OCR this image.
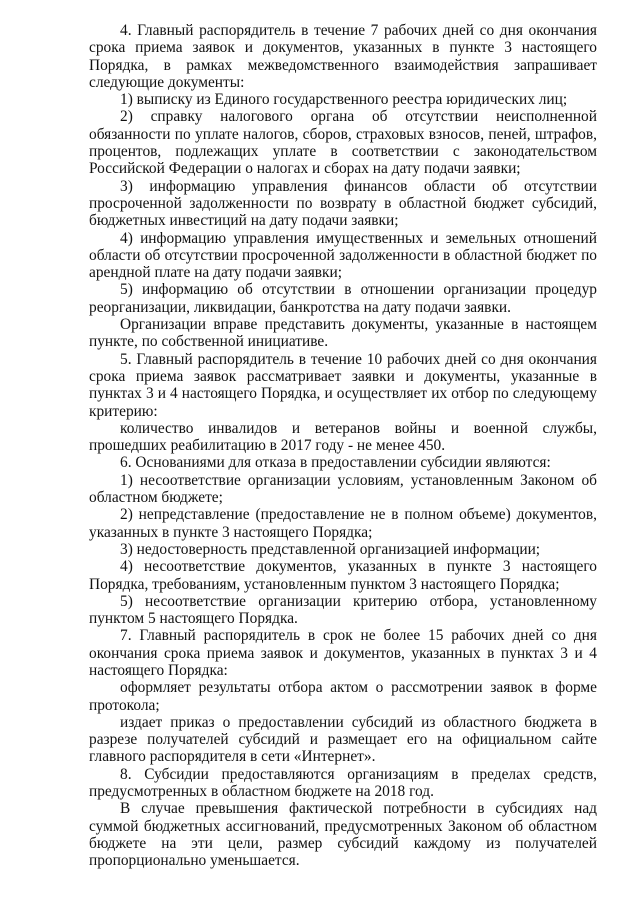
4. Главный распорядитель в течение 7 рабочих дней со дня окончания срока приема заявок и документов, указанных в пункте 3 настоящего Порядка, в рамках межведомственного взаимодействия запрашивает следующие документы:

1) выписку из Единого государственного реестра юридических лиц;

2) справку налогового органа об отсутствии неисполненной обязанности по уплате налогов, сборов, страховых взносов, пеней, штрафов, процентов, подлежащих уплате в соответствии с законодательством Российской Федерации о налогах и сборах на дату подачи заявки;

3) информацию управления финансов области об отсутствии просроченной задолженности по возврату в областной бюджет субсидий, бюджетных инвестиций на дату подачи заявки;

4) информацию управления имущественных и земельных отношений области об отсутствии просроченной задолженности в областной бюджет по арендной плате на дату подачи заявки;

5) информацию об отсутствии в отношении организации процедур реорганизации, ликвидации, банкротства на дату подачи заявки.

Организации вправе представить документы, указанные в настоящем пункте, по собственной инициативе.

5. Главный распорядитель в течение 10 рабочих дней со дня окончания срока приема заявок рассматривает заявки и документы, указанные в пунктах 3 и 4 настоящего Порядка, и осуществляет их отбор по следующему критерию:

количество инвалидов и ветеранов войны и военной службы, прошедших реабилитацию в 2017 году - не менее 450.

6. Основаниями для отказа в предоставлении субсидии являются:

1) несоответствие организации условиям, установленным Законом об областном бюджете;

2) непредставление (предоставление не в полном объеме) документов, указанных в пункте 3 настоящего Порядка;

3) недостоверность представленной организацией информации;

4) несоответствие документов, указанных в пункте 3 настоящего Порядка, требованиям, установленным пунктом 3 настоящего Порядка;

5) несоответствие организации критерию отбора, установленному пунктом 5 настоящего Порядка.

7. Главный распорядитель в срок не более 15 рабочих дней со дня окончания срока приема заявок и документов, указанных в пунктах 3 и 4 настоящего Порядка:

оформляет результаты отбора актом о рассмотрении заявок в форме протокола;

издает приказ о предоставлении субсидий из областного бюджета в разрезе получателей субсидий и размещает его на официальном сайте главного распорядителя в сети «Интернет».

8. Субсидии предоставляются организациям в пределах средств, предусмотренных в областном бюджете на 2018 год.

В случае превышения фактической потребности в субсидиях над суммой бюджетных ассигнований, предусмотренных Законом об областном бюджете на эти цели, размер субсидий каждому из получателей пропорционально уменьшается.
